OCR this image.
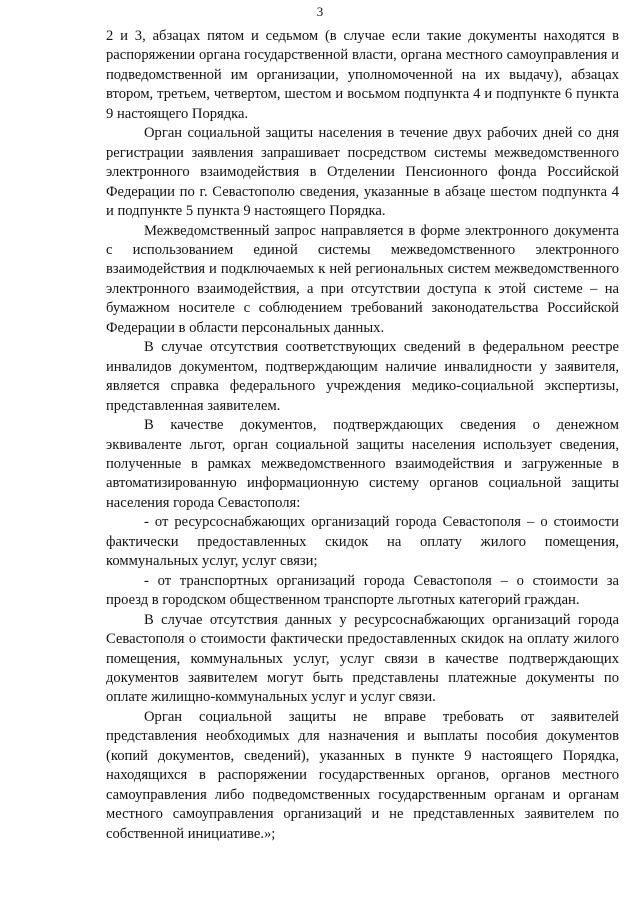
3

2 и 3, абзацах пятом и седьмом (в случае если такие документы находятся в распоряжении органа государственной власти, органа местного самоуправления и подведомственной им организации, уполномоченной на их выдачу), абзацах втором, третьем, четвертом, шестом и восьмом подпункта 4 и подпункте 6 пункта 9 настоящего Порядка.

Орган социальной защиты населения в течение двух рабочих дней со дня регистрации заявления запрашивает посредством системы межведомственного электронного взаимодействия в Отделении Пенсионного фонда Российской Федерации по г. Севастополю сведения, указанные в абзаце шестом подпункта 4 и подпункте 5 пункта 9 настоящего Порядка.

Межведомственный запрос направляется в форме электронного документа с использованием единой системы межведомственного электронного взаимодействия и подключаемых к ней региональных систем межведомственного электронного взаимодействия, а при отсутствии доступа к этой системе – на бумажном носителе с соблюдением требований законодательства Российской Федерации в области персональных данных.

В случае отсутствия соответствующих сведений в федеральном реестре инвалидов документом, подтверждающим наличие инвалидности у заявителя, является справка федерального учреждения медико-социальной экспертизы, представленная заявителем.

В качестве документов, подтверждающих сведения о денежном эквиваленте льгот, орган социальной защиты населения использует сведения, полученные в рамках межведомственного взаимодействия и загруженные в автоматизированную информационную систему органов социальной защиты населения города Севастополя:

- от ресурсоснабжающих организаций города Севастополя – о стоимости фактически предоставленных скидок на оплату жилого помещения, коммунальных услуг, услуг связи;

- от транспортных организаций города Севастополя – о стоимости за проезд в городском общественном транспорте льготных категорий граждан.

В случае отсутствия данных у ресурсоснабжающих организаций города Севастополя о стоимости фактически предоставленных скидок на оплату жилого помещения, коммунальных услуг, услуг связи в качестве подтверждающих документов заявителем могут быть представлены платежные документы по оплате жилищно-коммунальных услуг и услуг связи.

Орган социальной защиты не вправе требовать от заявителей представления необходимых для назначения и выплаты пособия документов (копий документов, сведений), указанных в пункте 9 настоящего Порядка, находящихся в распоряжении государственных органов, органов местного самоуправления либо подведомственных государственным органам и органам местного самоуправления организаций и не представленных заявителем по собственной инициативе.»;
